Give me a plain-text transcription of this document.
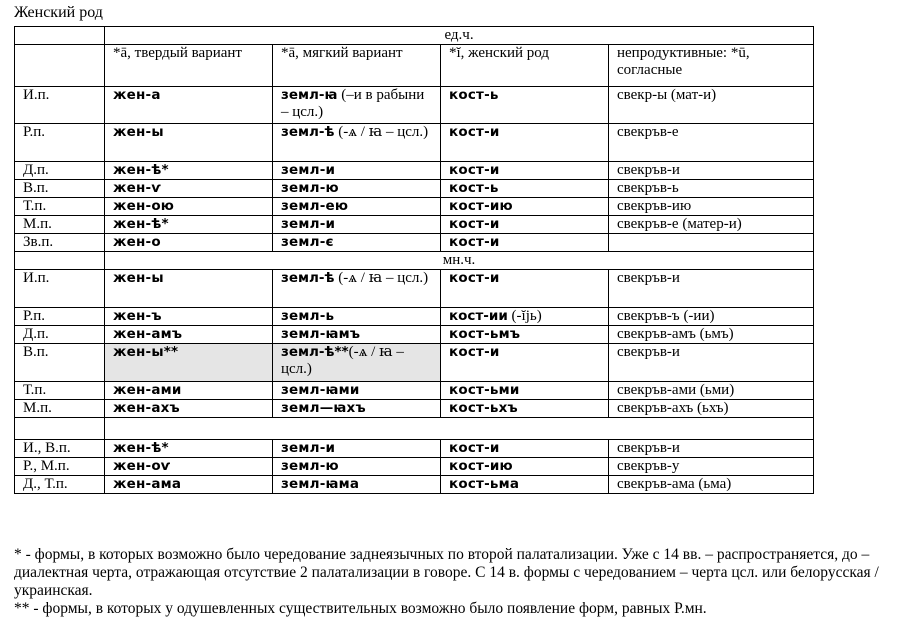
Женский род
	ед.ч.			
	*ā, твердый вариант	*ā, мягкий вариант	*ĭ, женский род	непродуктивные: *ū, согласные
И.п.	жен-а	земл-ꙗ (–и в рабыни – цсл.)	кост-ь	свекр-ы (мат-и)
Р.п.	жен-ы	земл-ѣ (-ѧ / ꙗ – цсл.)	кост-и	свекръв-е
Д.п.	жен-ѣ*	земл-и	кост-и	свекръв-и
В.п.	жен-ѵ	земл-ю	кост-ь	свекръв-ь
Т.п.	жен-ою	земл-ею	кост-ию	свекръв-ию
М.п.	жен-ѣ*	земл-и	кост-и	свекръв-е (матер-и)
Зв.п.	жен-о	земл-є	кост-и	
	мн.ч.			
И.п.	жен-ы	земл-ѣ (-ѧ / ꙗ – цсл.)	кост-и	свекръв-и
Р.п.	жен-ъ	земл-ь	кост-ии (-ĭjь)	свекръв-ъ (-ии)
Д.п.	жен-амъ	земл-ꙗмъ	кост-ьмъ	свекръв-амъ (ьмъ)
В.п.	жен-ы**	земл-ѣ**(-ѧ / ꙗ – цсл.)	кост-и	свекръв-и
Т.п.	жен-ами	земл-ꙗми	кост-ьми	свекръв-ами (ьми)
М.п.	жен-ахъ	земл—ꙗхъ	кост-ьхъ	свекръв-ахъ (ьхъ)

И., В.п.	жен-ѣ*	земл-и	кост-и	свекръв-и
Р., М.п.	жен-оѵ	земл-ю	кост-ию	свекръв-у
Д., Т.п.	жен-ама	земл-ꙗма	кост-ьма	свекръв-ама (ьма)

* - формы, в которых возможно было чередование заднеязычных по второй палатализации. Уже с 14 вв. – распространяется, до – диалектная черта, отражающая отсутствие 2 палатализации в говоре. С 14 в. формы с чередованием – черта цсл. или белорусская / украинская.

** - формы, в которых у одушевленных существительных возможно было появление форм, равных Р.мн.
